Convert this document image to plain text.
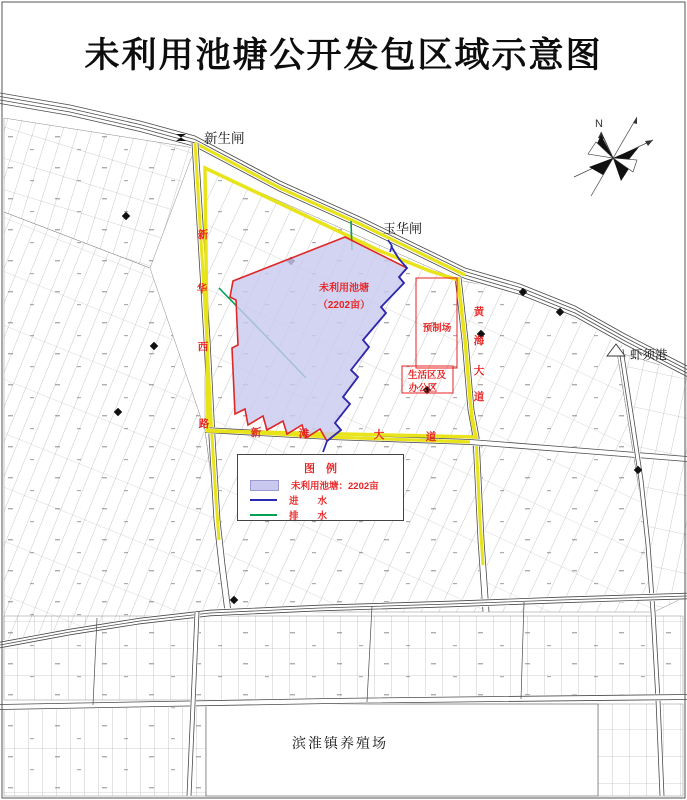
未利用池塘公开发包区域示意图
未利用池塘
（2202亩）
预制场
生活区及
办公区
新
华
西
路
黄
海
大
道
新	滩	大	道
新生闸
玉华闸
虾须港
滨淮镇养殖场
N
图　例
未利用池塘：2202亩
进　　水
排　　水
